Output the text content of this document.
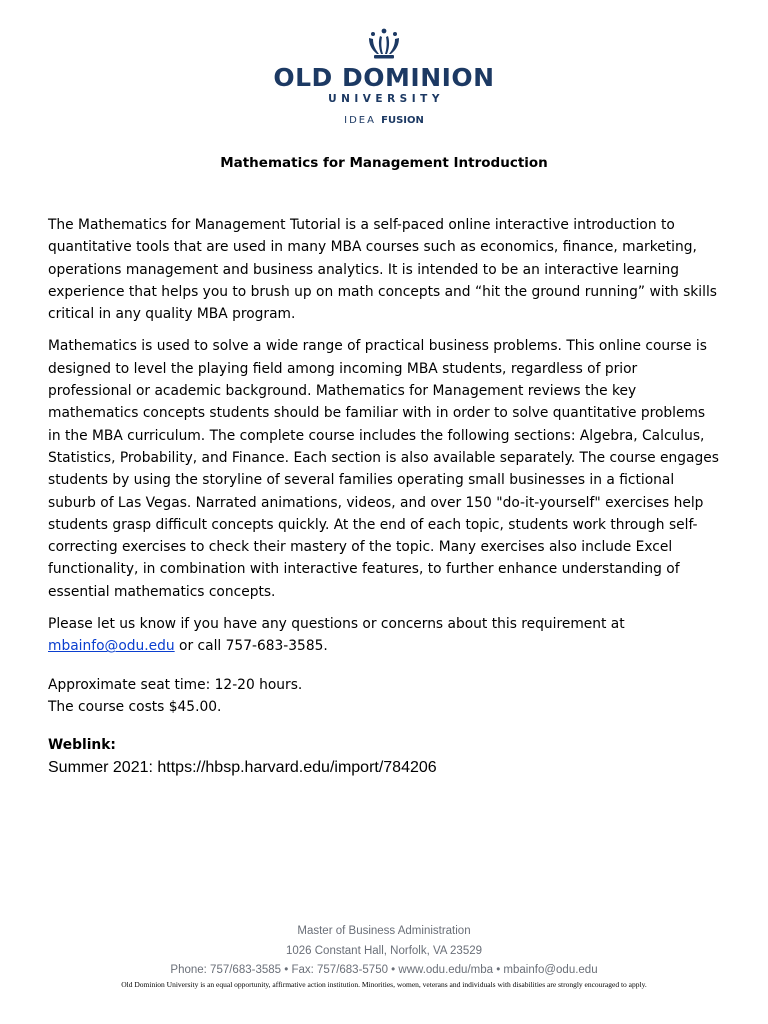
OLD DOMINION
UNIVERSITY
IDEA FUSION
Mathematics for Management Introduction

The Mathematics for Management Tutorial is a self-paced online interactive introduction to quantitative tools that are used in many MBA courses such as economics, finance, marketing, operations management and business analytics. It is intended to be an interactive learning experience that helps you to brush up on math concepts and “hit the ground running” with skills critical in any quality MBA program.

Mathematics is used to solve a wide range of practical business problems. This online course is designed to level the playing field among incoming MBA students, regardless of prior professional or academic background. Mathematics for Management reviews the key mathematics concepts students should be familiar with in order to solve quantitative problems in the MBA curriculum. The complete course includes the following sections: Algebra, Calculus, Statistics, Probability, and Finance. Each section is also available separately. The course engages students by using the storyline of several families operating small businesses in a fictional suburb of Las Vegas. Narrated animations, videos, and over 150 "do-it-yourself" exercises help students grasp difficult concepts quickly. At the end of each topic, students work through self-correcting exercises to check their mastery of the topic. Many exercises also include Excel functionality, in combination with interactive features, to further enhance understanding of essential mathematics concepts.

Please let us know if you have any questions or concerns about this requirement at
mbainfo@odu.edu or call 757-683-3585.

Approximate seat time: 12-20 hours.
The course costs $45.00.

Weblink:
Summer 2021: https://hbsp.harvard.edu/import/784206
Master of Business Administration
1026 Constant Hall, Norfolk, VA 23529
Phone: 757/683-3585 • Fax: 757/683-5750 • www.odu.edu/mba • mbainfo@odu.edu
Old Dominion University is an equal opportunity, affirmative action institution. Minorities, women, veterans and individuals with disabilities are strongly encouraged to apply.
